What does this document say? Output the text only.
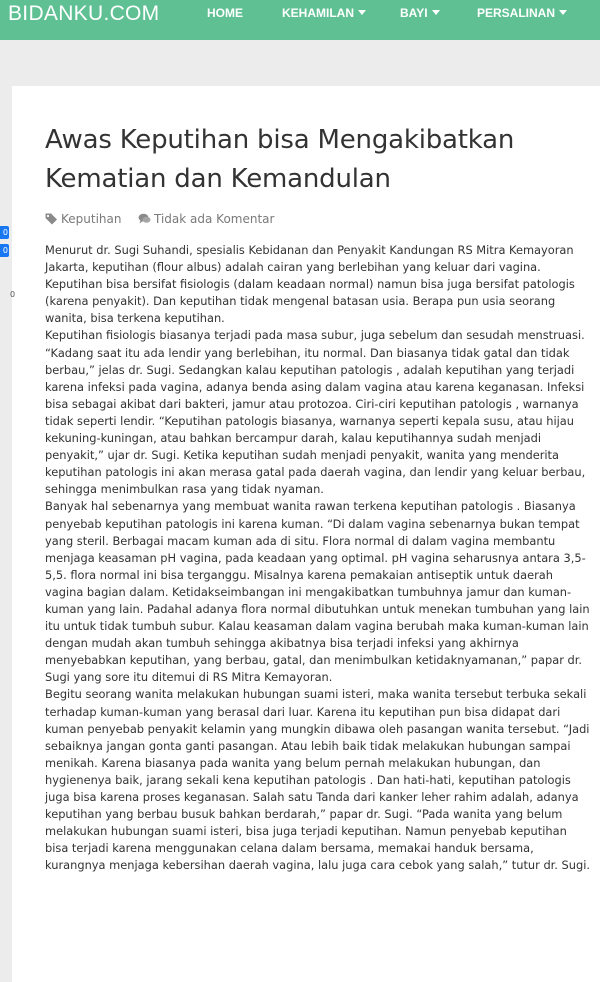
BIDANKU.COM	HOME	KEHAMILAN	BAYI	PERSALINAN
0
0
0
Awas Keputihan bisa Mengakibatkan Kematian dan Kemandulan
Keputihan	Tidak ada Komentar

Menurut dr. Sugi Suhandi, spesialis Kebidanan dan Penyakit Kandungan RS Mitra Kemayoran Jakarta, keputihan (flour albus) adalah cairan yang berlebihan yang keluar dari vagina. Keputihan bisa bersifat fisiologis (dalam keadaan normal) namun bisa juga bersifat patologis (karena penyakit). Dan keputihan tidak mengenal batasan usia. Berapa pun usia seorang wanita, bisa terkena keputihan.

Keputihan fisiologis biasanya terjadi pada masa subur, juga sebelum dan sesudah menstruasi. “Kadang saat itu ada lendir yang berlebihan, itu normal. Dan biasanya tidak gatal dan tidak berbau,” jelas dr. Sugi. Sedangkan kalau keputihan patologis , adalah keputihan yang terjadi karena infeksi pada vagina, adanya benda asing dalam vagina atau karena keganasan. Infeksi bisa sebagai akibat dari bakteri, jamur atau protozoa. Ciri-ciri keputihan patologis , warnanya tidak seperti lendir. “Keputihan patologis biasanya, warnanya seperti kepala susu, atau hijau kekuning-kuningan, atau bahkan bercampur darah, kalau keputihannya sudah menjadi penyakit,” ujar dr. Sugi. Ketika keputihan sudah menjadi penyakit, wanita yang menderita keputihan patologis ini akan merasa gatal pada daerah vagina, dan lendir yang keluar berbau, sehingga menimbulkan rasa yang tidak nyaman.

Banyak hal sebenarnya yang membuat wanita rawan terkena keputihan patologis . Biasanya penyebab keputihan patologis ini karena kuman. “Di dalam vagina sebenarnya bukan tempat yang steril. Berbagai macam kuman ada di situ. Flora normal di dalam vagina membantu menjaga keasaman pH vagina, pada keadaan yang optimal. pH vagina seharusnya antara 3,5-5,5. flora normal ini bisa terganggu. Misalnya karena pemakaian antiseptik untuk daerah vagina bagian dalam. Ketidakseimbangan ini mengakibatkan tumbuhnya jamur dan kuman-kuman yang lain. Padahal adanya flora normal dibutuhkan untuk menekan tumbuhan yang lain itu untuk tidak tumbuh subur. Kalau keasaman dalam vagina berubah maka kuman-kuman lain dengan mudah akan tumbuh sehingga akibatnya bisa terjadi infeksi yang akhirnya menyebabkan keputihan, yang berbau, gatal, dan menimbulkan ketidaknyamanan,” papar dr. Sugi yang sore itu ditemui di RS Mitra Kemayoran.

Begitu seorang wanita melakukan hubungan suami isteri, maka wanita tersebut terbuka sekali terhadap kuman-kuman yang berasal dari luar. Karena itu keputihan pun bisa didapat dari kuman penyebab penyakit kelamin yang mungkin dibawa oleh pasangan wanita tersebut. “Jadi sebaiknya jangan gonta ganti pasangan. Atau lebih baik tidak melakukan hubungan sampai menikah. Karena biasanya pada wanita yang belum pernah melakukan hubungan, dan hygienenya baik, jarang sekali kena keputihan patologis . Dan hati-hati, keputihan patologis juga bisa karena proses keganasan. Salah satu Tanda dari kanker leher rahim adalah, adanya keputihan yang berbau busuk bahkan berdarah,” papar dr. Sugi. “Pada wanita yang belum melakukan hubungan suami isteri, bisa juga terjadi keputihan. Namun penyebab keputihan bisa terjadi karena menggunakan celana dalam bersama, memakai handuk bersama, kurangnya menjaga kebersihan daerah vagina, lalu juga cara cebok yang salah,” tutur dr. Sugi.
